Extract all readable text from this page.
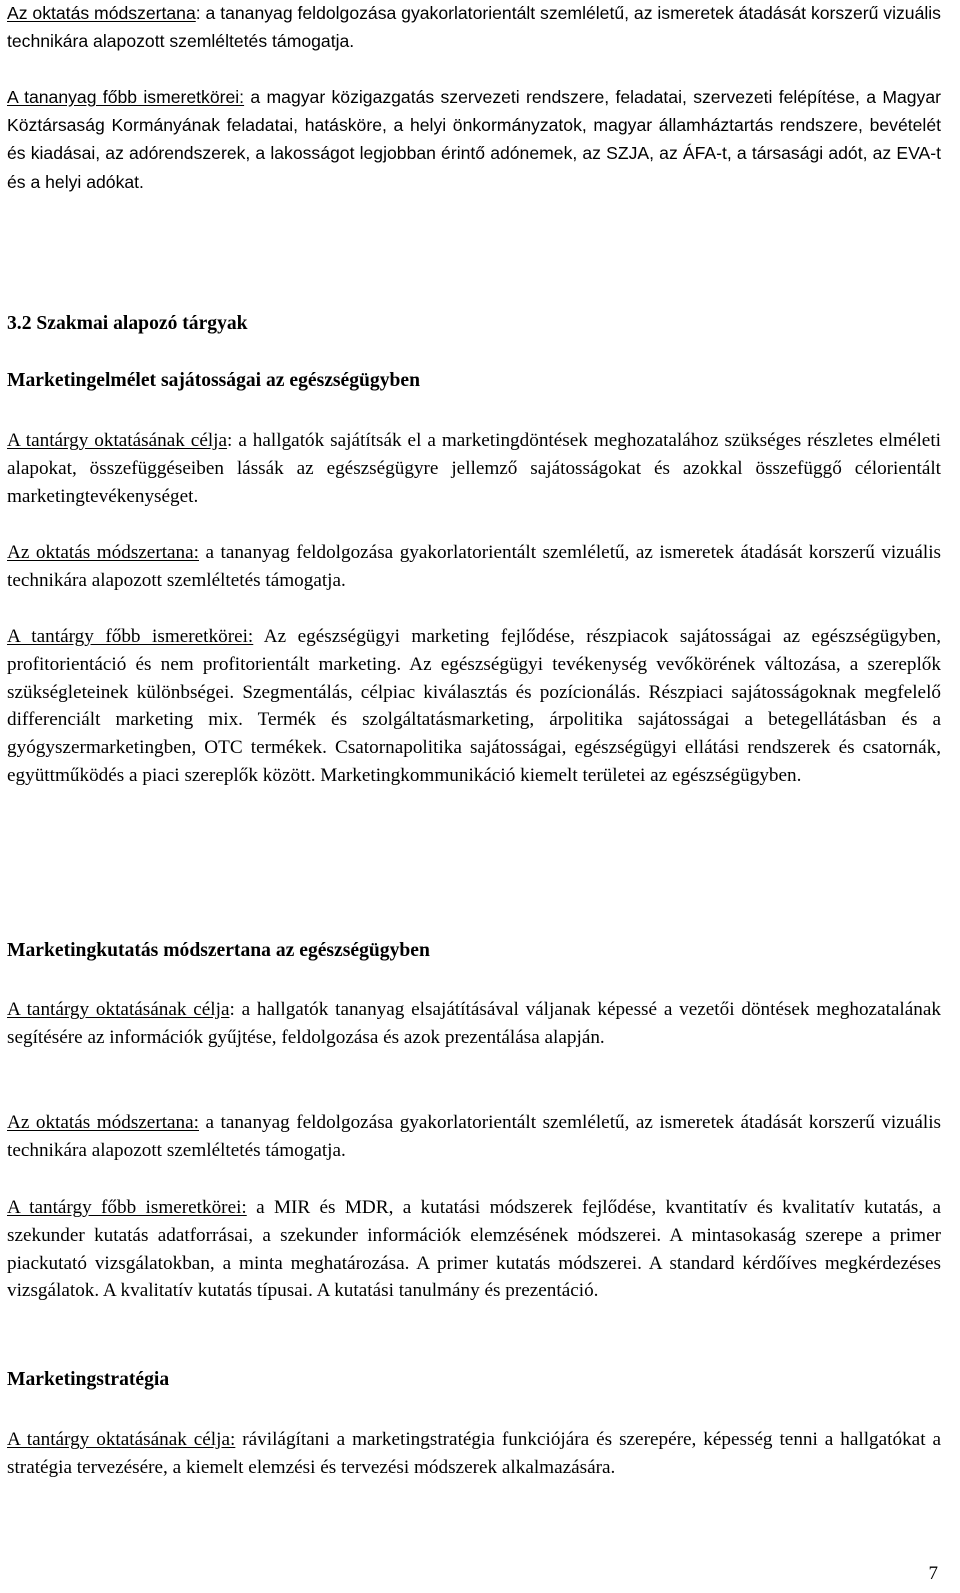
Az oktatás módszertana: a tananyag feldolgozása gyakorlatorientált szemléletű, az ismeretek átadását korszerű vizuális technikára alapozott szemléltetés támogatja.

A tananyag főbb ismeretkörei: a magyar közigazgatás szervezeti rendszere, feladatai, szervezeti felépítése, a Magyar Köztársaság Kormányának feladatai, hatásköre, a helyi önkormányzatok, magyar államháztartás rendszere, bevételét és kiadásai, az adórendszerek, a lakosságot legjobban érintő adónemek, az SZJA, az ÁFA-t, a társasági adót, az EVA-t és a helyi adókat.

3.2 Szakmai alapozó tárgyak
Marketingelmélet sajátosságai az egészségügyben

A tantárgy oktatásának célja: a hallgatók sajátítsák el a marketingdöntések meghozatalához szükséges részletes elméleti alapokat, összefüggéseiben lássák az egészségügyre jellemző sajátosságokat és azokkal összefüggő célorientált marketingtevékenységet.

Az oktatás módszertana: a tananyag feldolgozása gyakorlatorientált szemléletű, az ismeretek átadását korszerű vizuális technikára alapozott szemléltetés támogatja.

A tantárgy főbb ismeretkörei: Az egészségügyi marketing fejlődése, részpiacok sajátosságai az egészségügyben, profitorientáció és nem profitorientált marketing. Az egészségügyi tevékenység vevőkörének változása, a szereplők szükségleteinek különbségei. Szegmentálás, célpiac kiválasztás és pozícionálás. Részpiaci sajátosságoknak megfelelő differenciált marketing mix. Termék és szolgáltatásmarketing, árpolitika sajátosságai a betegellátásban és a gyógyszermarketingben, OTC termékek. Csatornapolitika sajátosságai, egészségügyi ellátási rendszerek és csatornák, együttműködés a piaci szereplők között. Marketingkommunikáció kiemelt területei az egészségügyben.

Marketingkutatás módszertana az egészségügyben

A tantárgy oktatásának célja: a hallgatók tananyag elsajátításával váljanak képessé a vezetői döntések meghozatalának segítésére az információk gyűjtése, feldolgozása és azok prezentálása alapján.

Az oktatás módszertana: a tananyag feldolgozása gyakorlatorientált szemléletű, az ismeretek átadását korszerű vizuális technikára alapozott szemléltetés támogatja.

A tantárgy főbb ismeretkörei: a MIR és MDR, a kutatási módszerek fejlődése, kvantitatív és kvalitatív kutatás, a szekunder kutatás adatforrásai, a szekunder információk elemzésének módszerei. A mintasokaság szerepe a primer piackutató vizsgálatokban, a minta meghatározása. A primer kutatás módszerei. A standard kérdőíves megkérdezéses vizsgálatok. A kvalitatív kutatás típusai. A kutatási tanulmány és prezentáció.

Marketingstratégia

A tantárgy oktatásának célja: rávilágítani a marketingstratégia funkciójára és szerepére, képesség tenni a hallgatókat a stratégia tervezésére, a kiemelt elemzési és tervezési módszerek alkalmazására.

7
